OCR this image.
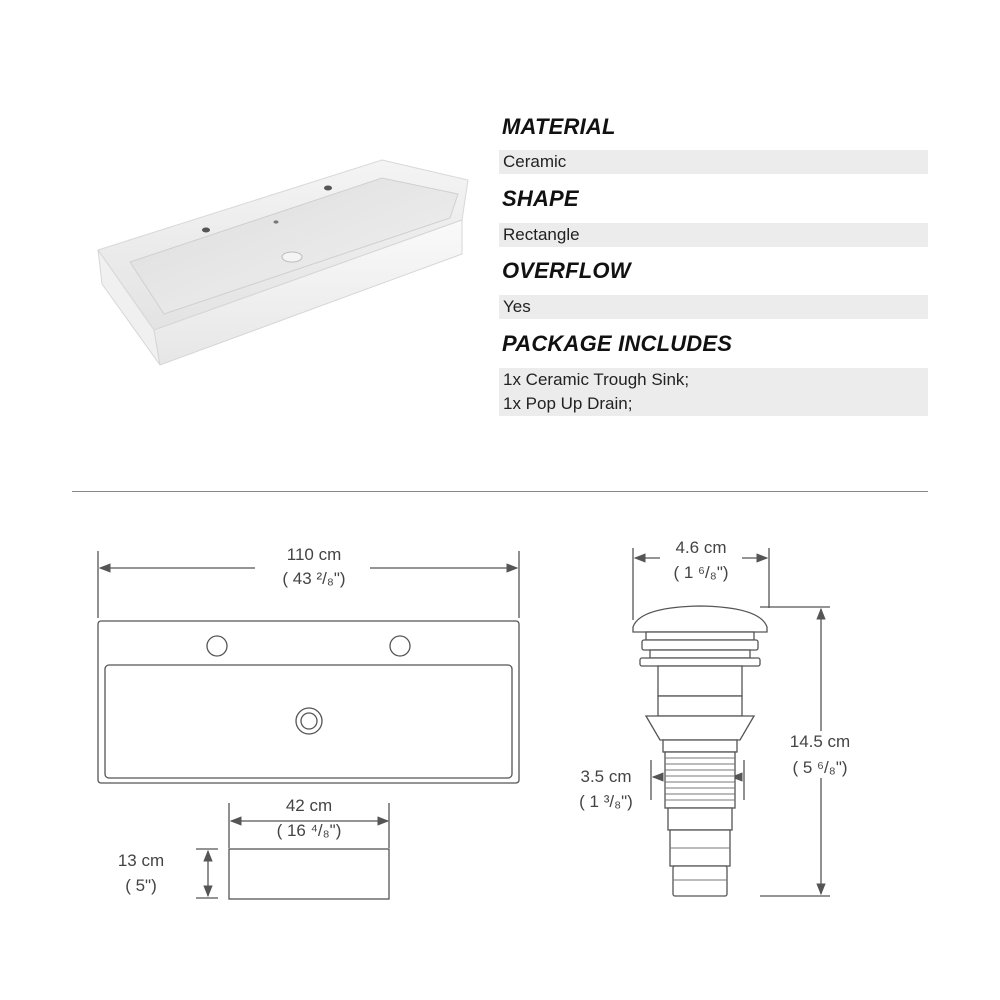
MATERIAL
Ceramic
SHAPE
Rectangle
OVERFLOW
Yes
PACKAGE INCLUDES
1x Ceramic Trough Sink;
1x Pop Up Drain;
110 cm
( 43 ²/₈")
42 cm
( 16 ⁴/₈")
13 cm
( 5")
4.6 cm
( 1 ⁶/₈")
3.5 cm
( 1 ³/₈")
14.5 cm
( 5 ⁶/₈")
